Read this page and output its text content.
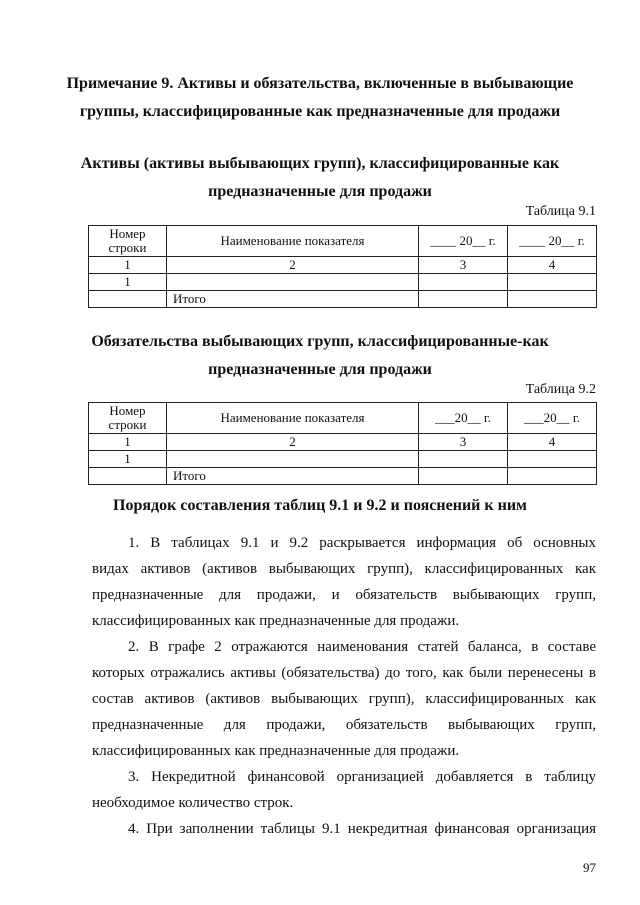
Примечание 9. Активы и обязательства, включенные в выбывающие
группы, классифицированные как предназначенные для продажи
Активы (активы выбывающих групп), классифицированные как
предназначенные для продажи
Таблица 9.1
Номер строки	Наименование показателя	____ 20__ г.	____ 20__ г.
1	2	3	4
1			
	Итого		
Обязательства выбывающих групп, классифицированные-как
предназначенные для продажи
Таблица 9.2
Номер строки	Наименование показателя	___20__ г.	___20__ г.
1	2	3	4
1			
	Итого		
Порядок составления таблиц 9.1 и 9.2 и пояснений к ним
1. В таблицах 9.1 и 9.2 раскрывается информация об основных
видах активов (активов выбывающих групп), классифицированных как
предназначенные для продажи, и обязательств выбывающих групп,
классифицированных как предназначенные для продажи.
2. В графе 2 отражаются наименования статей баланса, в составе
которых отражались активы (обязательства) до того, как были перенесены в
состав активов (активов выбывающих групп), классифицированных как
предназначенные для продажи, обязательств выбывающих групп,
классифицированных как предназначенные для продажи.
3. Некредитной финансовой организацией добавляется в таблицу
необходимое количество строк.
4. При заполнении таблицы 9.1 некредитная финансовая организация
97
